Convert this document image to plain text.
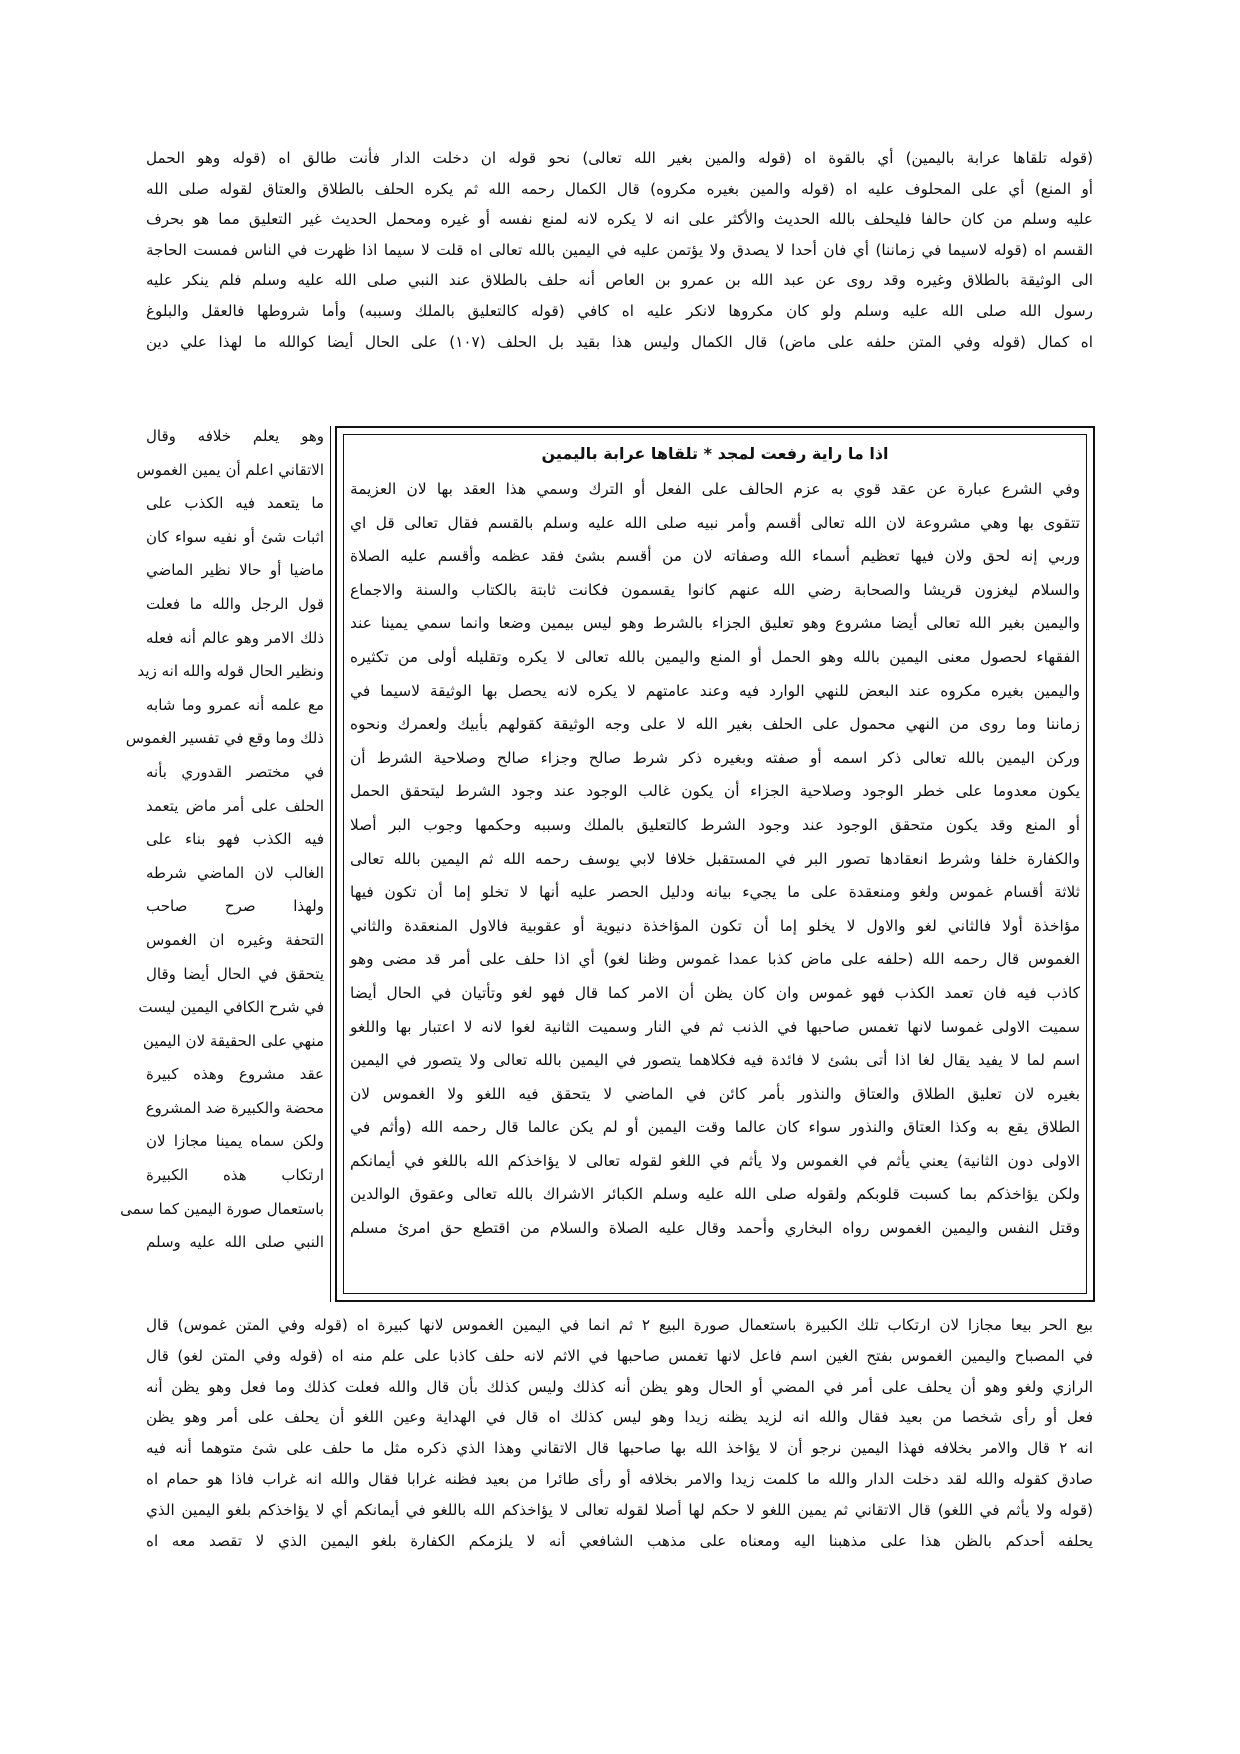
(قوله تلقاها عرابة باليمين) أي بالقوة اه (قوله والمين بغير الله تعالى) نحو قوله ان دخلت الدار فأنت طالق اه (قوله وهو الحمل
أو المنع) أي على المحلوف عليه اه (قوله والمين بغيره مكروه) قال الكمال رحمه الله ثم يكره الحلف بالطلاق والعتاق لقوله صلى الله
عليه وسلم من كان حالفا فليحلف بالله الحديث والأكثر على انه لا يكره لانه لمنع نفسه أو غيره ومحمل الحديث غير التعليق مما هو بحرف
القسم اه (قوله لاسيما في زماننا) أي فان أحدا لا يصدق ولا يؤتمن عليه في اليمين بالله تعالى اه قلت لا سيما اذا ظهرت في الناس فمست الحاجة
الى الوثيقة بالطلاق وغيره وقد روى عن عبد الله بن عمرو بن العاص أنه حلف بالطلاق عند النبي صلى الله عليه وسلم فلم ينكر عليه
رسول الله صلى الله عليه وسلم ولو كان مكروها لانكر عليه اه كافي (قوله كالتعليق بالملك وسببه) وأما شروطها فالعقل والبلوغ
اه كمال (قوله وفي المتن حلفه على ماض) قال الكمال وليس هذا بقيد بل الحلف (١٠٧) على الحال أيضا كوالله ما لهذا علي دين
وهو يعلم خلافه وقال
الاتقاني اعلم أن يمين الغموس
ما يتعمد فيه الكذب على
اثبات شئ أو نفيه سواء كان
ماضيا أو حالا نظير الماضي
قول الرجل والله ما فعلت
ذلك الامر وهو عالم أنه فعله
ونظير الحال قوله والله انه زيد
مع علمه أنه عمرو وما شابه
ذلك وما وقع في تفسير الغموس
في مختصر القدوري بأنه
الحلف على أمر ماض يتعمد
فيه الكذب فهو بناء على
الغالب لان الماضي شرطه
ولهذا صرح صاحب
التحفة وغيره ان الغموس
يتحقق في الحال أيضا وقال
في شرح الكافي اليمين ليست
منهي على الحقيقة لان اليمين
عقد مشروع وهذه كبيرة
محضة والكبيرة ضد المشروع
ولكن سماه يمينا مجازا لان
ارتكاب هذه الكبيرة
باستعمال صورة اليمين كما سمى
النبي صلى الله عليه وسلم
اذا ما راية رفعت لمجد * تلقاها عرابة باليمين
وفي الشرع عبارة عن عقد قوي به عزم الحالف على الفعل أو الترك وسمي هذا العقد بها لان العزيمة
تتقوى بها وهي مشروعة لان الله تعالى أقسم وأمر نبيه صلى الله عليه وسلم بالقسم فقال تعالى قل اي
وربي إنه لحق ولان فيها تعظيم أسماء الله وصفاته لان من أقسم بشئ فقد عظمه وأقسم عليه الصلاة
والسلام ليغزون قريشا والصحابة رضي الله عنهم كانوا يقسمون فكانت ثابتة بالكتاب والسنة والاجماع
واليمين بغير الله تعالى أيضا مشروع وهو تعليق الجزاء بالشرط وهو ليس بيمين وضعا وانما سمي يمينا عند
الفقهاء لحصول معنى اليمين بالله وهو الحمل أو المنع واليمين بالله تعالى لا يكره وتقليله أولى من تكثيره
واليمين بغيره مكروه عند البعض للنهي الوارد فيه وعند عامتهم لا يكره لانه يحصل بها الوثيقة لاسيما في
زماننا وما روى من النهي محمول على الحلف بغير الله لا على وجه الوثيقة كقولهم بأبيك ولعمرك ونحوه
وركن اليمين بالله تعالى ذكر اسمه أو صفته وبغيره ذكر شرط صالح وجزاء صالح وصلاحية الشرط أن
يكون معدوما على خطر الوجود وصلاحية الجزاء أن يكون غالب الوجود عند وجود الشرط ليتحقق الحمل
أو المنع وقد يكون متحقق الوجود عند وجود الشرط كالتعليق بالملك وسببه وحكمها وجوب البر أصلا
والكفارة خلفا وشرط انعقادها تصور البر في المستقبل خلافا لابي يوسف رحمه الله ثم اليمين بالله تعالى
ثلاثة أقسام غموس ولغو ومنعقدة على ما يجيء بيانه ودليل الحصر عليه أنها لا تخلو إما أن تكون فيها
مؤاخذة أولا فالثاني لغو والاول لا يخلو إما أن تكون المؤاخذة دنيوية أو عقوبية فالاول المنعقدة والثاني
الغموس قال رحمه الله (حلفه على ماض كذبا عمدا غموس وظنا لغو) أي اذا حلف على أمر قد مضى وهو
كاذب فيه فان تعمد الكذب فهو غموس وان كان يظن أن الامر كما قال فهو لغو وتأتيان في الحال أيضا
سميت الاولى غموسا لانها تغمس صاحبها في الذنب ثم في النار وسميت الثانية لغوا لانه لا اعتبار بها واللغو
اسم لما لا يفيد يقال لغا اذا أتى بشئ لا فائدة فيه فكلاهما يتصور في اليمين بالله تعالى ولا يتصور في اليمين
بغيره لان تعليق الطلاق والعتاق والنذور بأمر كائن في الماضي لا يتحقق فيه اللغو ولا الغموس لان
الطلاق يقع به وكذا العتاق والنذور سواء كان عالما وقت اليمين أو لم يكن عالما قال رحمه الله (وأثم في
الاولى دون الثانية) يعني يأثم في الغموس ولا يأثم في اللغو لقوله تعالى لا يؤاخذكم الله باللغو في أيمانكم
ولكن يؤاخذكم بما كسبت قلوبكم ولقوله صلى الله عليه وسلم الكبائر الاشراك بالله تعالى وعقوق الوالدين
وقتل النفس واليمين الغموس رواه البخاري وأحمد وقال عليه الصلاة والسلام من اقتطع حق امرئ مسلم
بيع الحر بيعا مجازا لان ارتكاب تلك الكبيرة باستعمال صورة البيع ٢ ثم انما في اليمين الغموس لانها كبيرة اه (قوله وفي المتن غموس) قال
في المصباح واليمين الغموس بفتح الغين اسم فاعل لانها تغمس صاحبها في الاثم لانه حلف كاذبا على علم منه اه (قوله وفي المتن لغو) قال
الرازي ولغو وهو أن يحلف على أمر في المضي أو الحال وهو يظن أنه كذلك وليس كذلك بأن قال والله فعلت كذلك وما فعل وهو يظن أنه
فعل أو رأى شخصا من بعيد فقال والله انه لزيد يظنه زيدا وهو ليس كذلك اه قال في الهداية وعين اللغو أن يحلف على أمر وهو يظن
انه ٢ قال والامر بخلافه فهذا اليمين نرجو أن لا يؤاخذ الله بها صاحبها قال الاتقاني وهذا الذي ذكره مثل ما حلف على شئ متوهما أنه فيه
صادق كقوله والله لقد دخلت الدار والله ما كلمت زيدا والامر بخلافه أو رأى طائرا من بعيد فظنه غرابا فقال والله انه غراب فاذا هو حمام اه
(قوله ولا يأثم في اللغو) قال الاتقاني ثم يمين اللغو لا حكم لها أصلا لقوله تعالى لا يؤاخذكم الله باللغو في أيمانكم أي لا يؤاخذكم بلغو اليمين الذي
يحلفه أحدكم بالظن هذا على مذهبنا اليه ومعناه على مذهب الشافعي أنه لا يلزمكم الكفارة بلغو اليمين الذي لا تقصد معه اه
